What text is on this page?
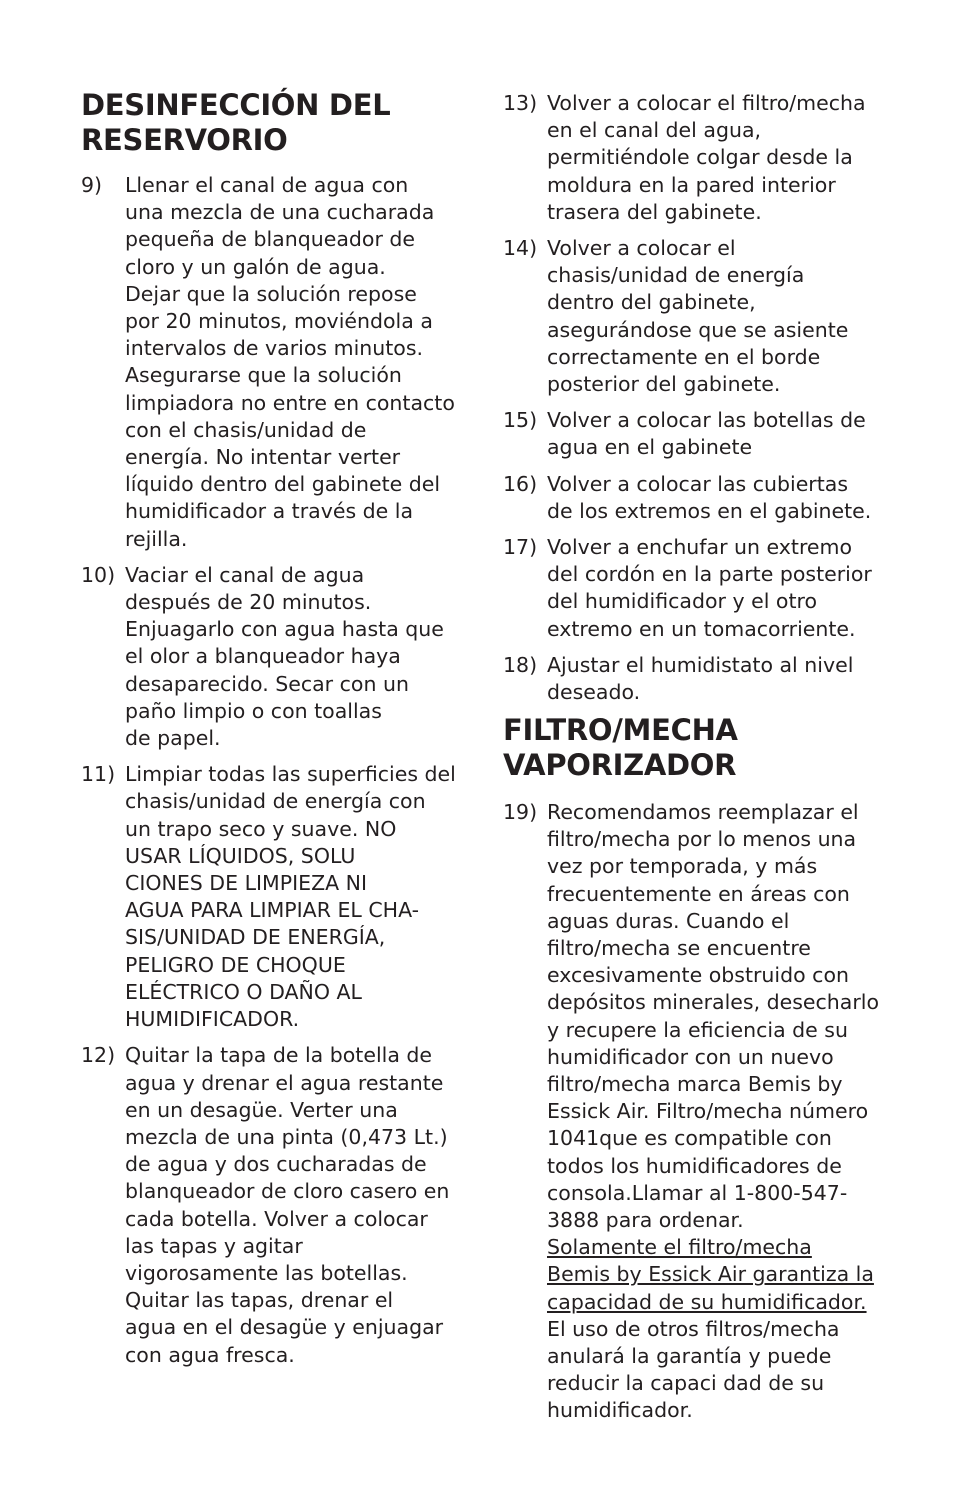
DESINFECCIÓN DEL
RESERVORIO
9)	Llenar el canal de agua con
una mezcla de una cucharada
pequeña de blanqueador de
cloro y un galón de agua.
Dejar que la solución repose
por 20 minutos, moviéndola a
intervalos de varios minutos.
Asegurarse que la solución
limpiadora no entre en contacto
con el chasis/unidad de
energía. No intentar verter
líquido dentro del gabinete del
humidificador a través de la
rejilla.
10) Vaciar el canal de agua
después de 20 minutos.
Enjuagarlo con agua hasta que
el olor a blanqueador haya
desaparecido. Secar con un
paño limpio o con toallas
de papel.
11) Limpiar todas las superficies del
chasis/unidad de energía con
un trapo seco y suave. NO
USAR LÍQUIDOS, SOLU
CIONES DE LIMPIEZA NI
AGUA PARA LIMPIAR EL CHA-
SIS/UNIDAD DE ENERGÍA,
PELIGRO DE CHOQUE
ELÉCTRICO O DAÑO AL
HUMIDIFICADOR.
12) Quitar la tapa de la botella de
agua y drenar el agua restante
en un desagüe. Verter una
mezcla de una pinta (0,473 Lt.)
de agua y dos cucharadas de
blanqueador de cloro casero en
cada botella. Volver a colocar
las tapas y agitar
vigorosamente las botellas.
Quitar las tapas, drenar el
agua en el desagüe y enjuagar
con agua fresca.
13) Volver a colocar el filtro/mecha
en el canal del agua,
permitiéndole colgar desde la
moldura en la pared interior
trasera del gabinete.
14) Volver a colocar el
chasis/unidad de energía
dentro del gabinete,
asegurándose que se asiente
correctamente en el borde
posterior del gabinete.
15) Volver a colocar las botellas de
agua en el gabinete
16) Volver a colocar las cubiertas
de los extremos en el gabinete.
17) Volver a enchufar un extremo
del cordón en la parte posterior
del humidificador y el otro
extremo en un tomacorriente.
18) Ajustar el humidistato al nivel
deseado.
FILTRO/MECHA
VAPORIZADOR
19) Recomendamos reemplazar el
filtro/mecha por lo menos una
vez por temporada, y más
frecuentemente en áreas con
aguas duras. Cuando el
filtro/mecha se encuentre
excesivamente obstruido con
depósitos minerales, desecharlo
y recupere la eficiencia de su
humidificador con un nuevo
filtro/mecha marca Bemis by
Essick Air. Filtro/mecha número
1041que es compatible con
todos los humidificadores de
consola.Llamar al 1-800-547-
3888 para ordenar.
Solamente el filtro/mecha
Bemis by Essick Air garantiza la
capacidad de su humidificador.
El uso de otros filtros/mecha
anulará la garantía y puede
reducir la capaci dad de su
humidificador.
